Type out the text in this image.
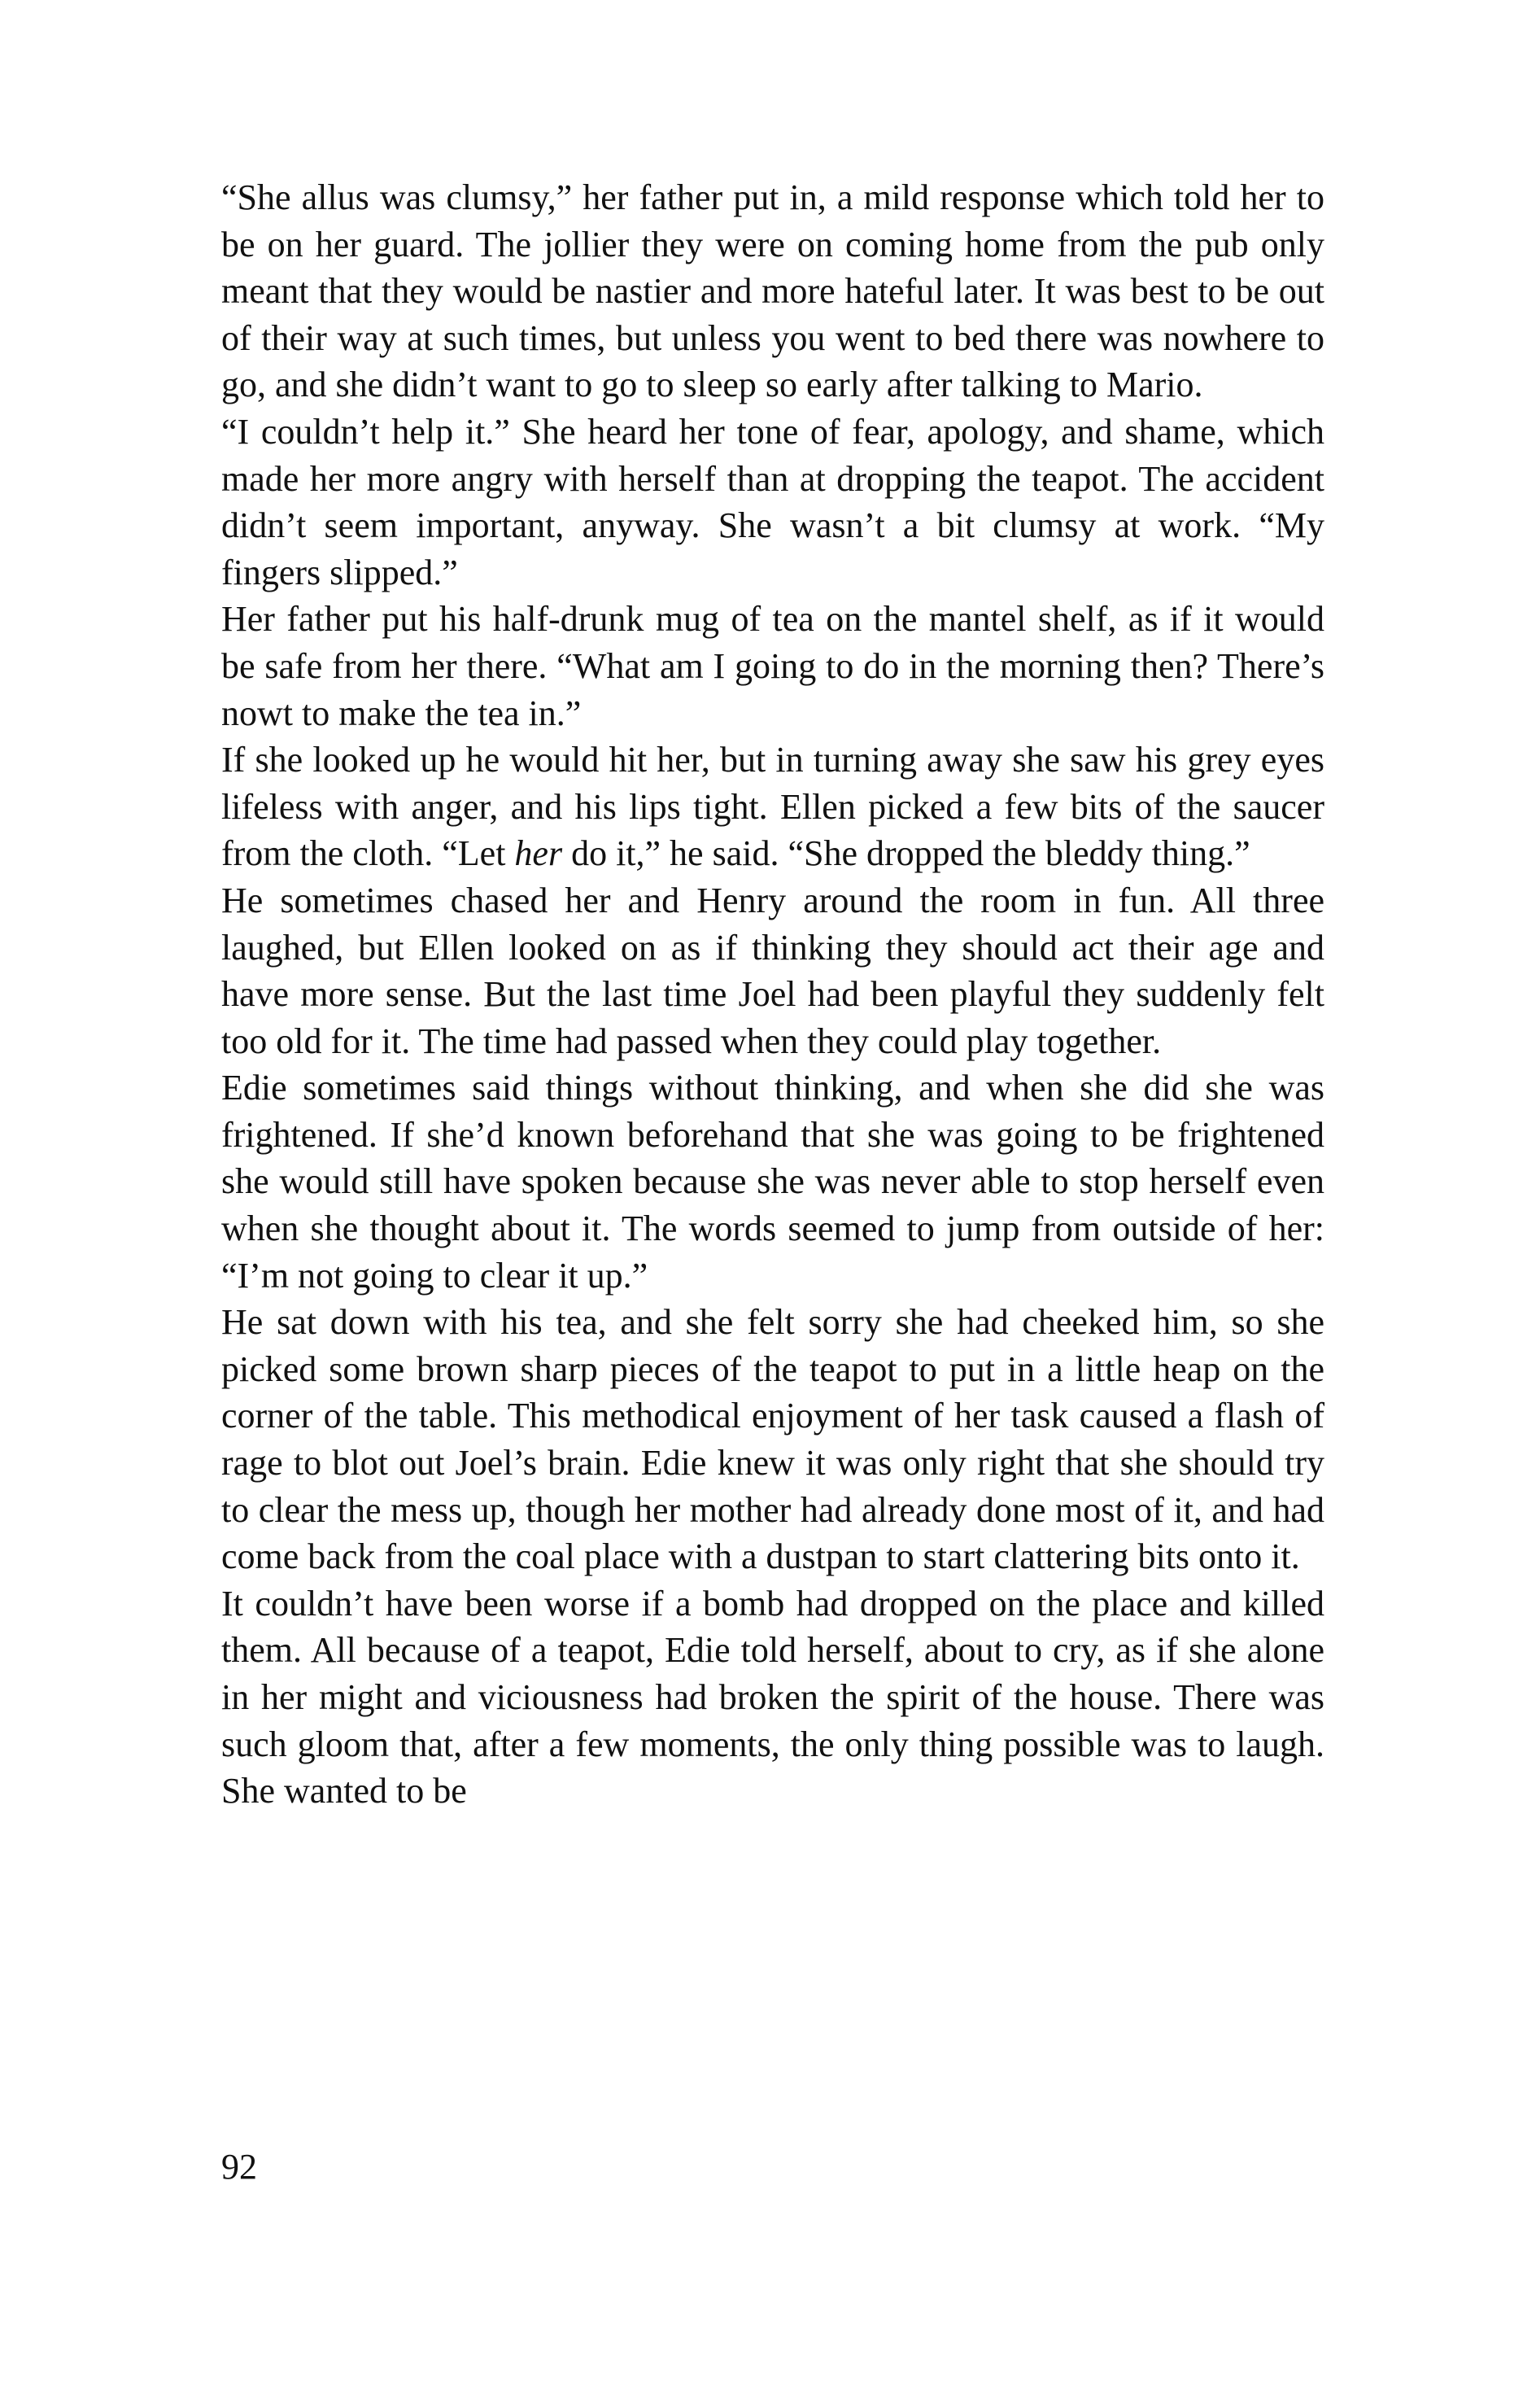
“She allus was clumsy,” her father put in, a mild response which told her to be on her guard. The jollier they were on coming home from the pub only meant that they would be nastier and more hateful later. It was best to be out of their way at such times, but unless you went to bed there was nowhere to go, and she didn’t want to go to sleep so early after talking to Mario.

“I couldn’t help it.” She heard her tone of fear, apology, and shame, which made her more angry with herself than at dropping the teapot. The accident didn’t seem important, anyway. She wasn’t a bit clumsy at work. “My fingers slipped.”

Her father put his half-drunk mug of tea on the mantel shelf, as if it would be safe from her there. “What am I going to do in the morning then? There’s nowt to make the tea in.”

If she looked up he would hit her, but in turning away she saw his grey eyes lifeless with anger, and his lips tight. Ellen picked a few bits of the saucer from the cloth. “Let her do it,” he said. “She dropped the bleddy thing.”

He sometimes chased her and Henry around the room in fun. All three laughed, but Ellen looked on as if thinking they should act their age and have more sense. But the last time Joel had been playful they suddenly felt too old for it. The time had passed when they could play together.

Edie sometimes said things without thinking, and when she did she was frightened. If she’d known beforehand that she was going to be frightened she would still have spoken because she was never able to stop herself even when she thought about it. The words seemed to jump from outside of her: “I’m not going to clear it up.”

He sat down with his tea, and she felt sorry she had cheeked him, so she picked some brown sharp pieces of the teapot to put in a little heap on the corner of the table. This methodical enjoyment of her task caused a flash of rage to blot out Joel’s brain. Edie knew it was only right that she should try to clear the mess up, though her mother had already done most of it, and had come back from the coal place with a dustpan to start clattering bits onto it.

It couldn’t have been worse if a bomb had dropped on the place and killed them. All because of a teapot, Edie told herself, about to cry, as if she alone in her might and viciousness had broken the spirit of the house. There was such gloom that, after a few moments, the only thing possible was to laugh. She wanted to be

92
